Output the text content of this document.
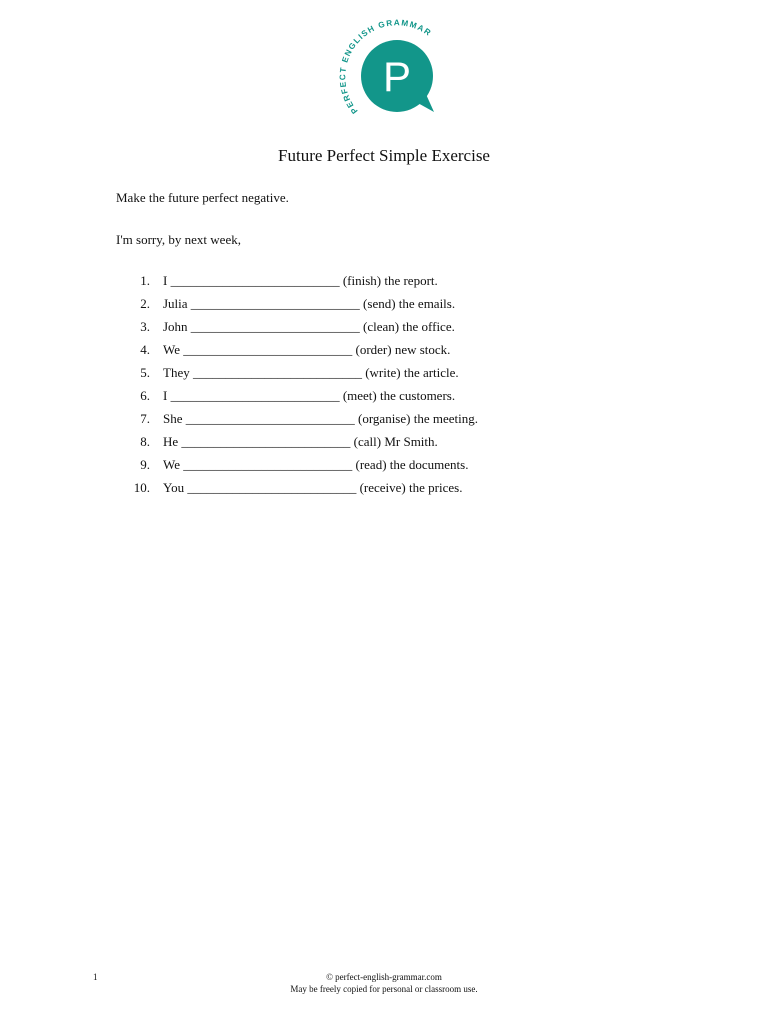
PERFECT ENGLISH GRAMMAR
P
Future Perfect Simple Exercise
Make the future perfect negative.
I'm sorry, by next week,
1. I __________________________ (finish) the report.
2. Julia __________________________ (send) the emails.
3. John __________________________ (clean) the office.
4. We __________________________ (order) new stock.
5. They __________________________ (write) the article.
6. I __________________________ (meet) the customers.
7. She __________________________ (organise) the meeting.
8. He __________________________ (call) Mr Smith.
9. We __________________________ (read) the documents.
10. You __________________________ (receive) the prices.
1	© perfect-english-grammar.com
May be freely copied for personal or classroom use.
